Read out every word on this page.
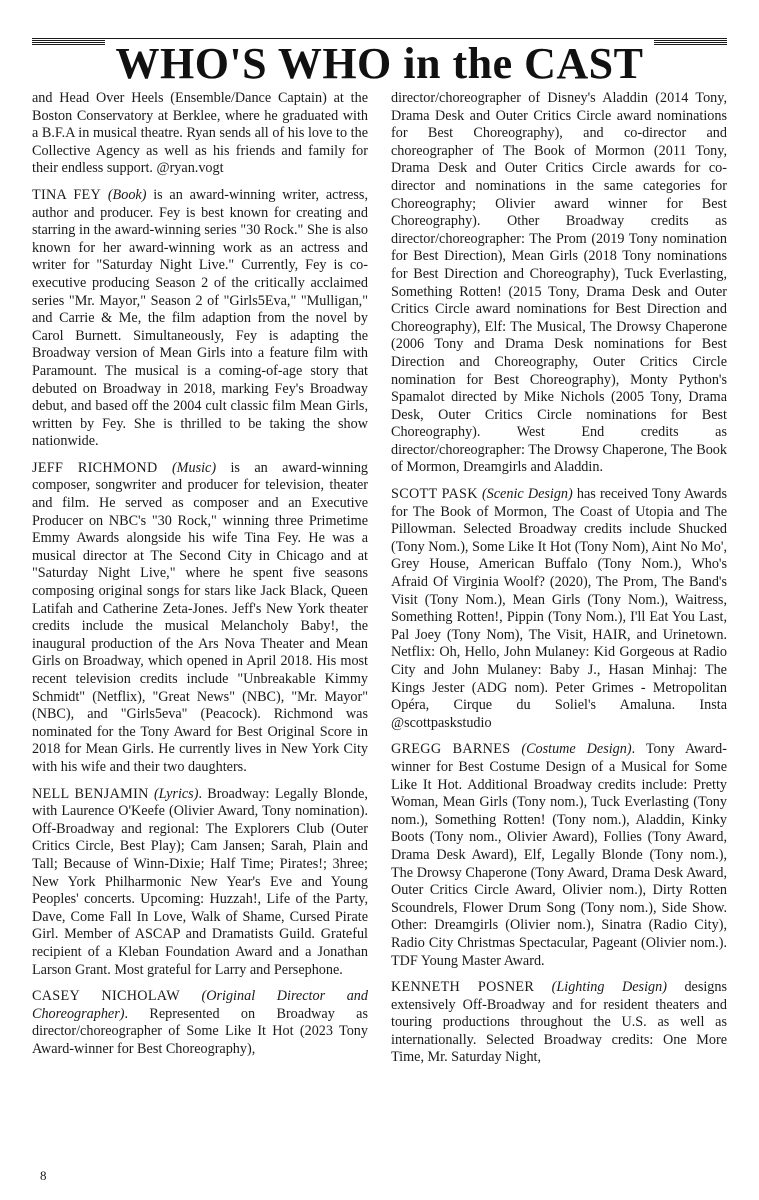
WHO'S WHO in the CAST

and Head Over Heels (Ensemble/Dance Captain) at the Boston Conservatory at Berklee, where he graduated with a B.F.A in musical theatre. Ryan sends all of his love to the Collective Agency as well as his friends and family for their endless support. @ryan.vogt

TINA FEY (Book) is an award-winning writer, actress, author and producer. Fey is best known for creating and starring in the award-winning series "30 Rock." She is also known for her award-winning work as an actress and writer for "Saturday Night Live." Currently, Fey is co-executive producing Season 2 of the critically acclaimed series "Mr. Mayor," Season 2 of "Girls5Eva," "Mulligan," and Carrie & Me, the film adaption from the novel by Carol Burnett. Simultaneously, Fey is adapting the Broadway version of Mean Girls into a feature film with Paramount. The musical is a coming-of-age story that debuted on Broadway in 2018, marking Fey's Broadway debut, and based off the 2004 cult classic film Mean Girls, written by Fey. She is thrilled to be taking the show nationwide.

JEFF RICHMOND (Music) is an award-winning composer, songwriter and producer for television, theater and film. He served as composer and an Executive Producer on NBC's "30 Rock," winning three Primetime Emmy Awards alongside his wife Tina Fey. He was a musical director at The Second City in Chicago and at "Saturday Night Live," where he spent five seasons composing original songs for stars like Jack Black, Queen Latifah and Catherine Zeta-Jones. Jeff's New York theater credits include the musical Melancholy Baby!, the inaugural production of the Ars Nova Theater and Mean Girls on Broadway, which opened in April 2018. His most recent television credits include "Unbreakable Kimmy Schmidt" (Netflix), "Great News" (NBC), "Mr. Mayor" (NBC), and "Girls5eva" (Peacock). Richmond was nominated for the Tony Award for Best Original Score in 2018 for Mean Girls. He currently lives in New York City with his wife and their two daughters.

NELL BENJAMIN (Lyrics). Broadway: Legally Blonde, with Laurence O'Keefe (Olivier Award, Tony nomination). Off-Broadway and regional: The Explorers Club (Outer Critics Circle, Best Play); Cam Jansen; Sarah, Plain and Tall; Because of Winn-Dixie; Half Time; Pirates!; 3hree; New York Philharmonic New Year's Eve and Young Peoples' concerts. Upcoming: Huzzah!, Life of the Party, Dave, Come Fall In Love, Walk of Shame, Cursed Pirate Girl. Member of ASCAP and Dramatists Guild. Grateful recipient of a Kleban Foundation Award and a Jonathan Larson Grant. Most grateful for Larry and Persephone.

CASEY NICHOLAW (Original Director and Choreographer). Represented on Broadway as director/choreographer of Some Like It Hot (2023 Tony Award-winner for Best Choreography),

director/choreographer of Disney's Aladdin (2014 Tony, Drama Desk and Outer Critics Circle award nominations for Best Choreography), and co-director and choreographer of The Book of Mormon (2011 Tony, Drama Desk and Outer Critics Circle awards for co-director and nominations in the same categories for Choreography; Olivier award winner for Best Choreography). Other Broadway credits as director/choreographer: The Prom (2019 Tony nomination for Best Direction), Mean Girls (2018 Tony nominations for Best Direction and Choreography), Tuck Everlasting, Something Rotten! (2015 Tony, Drama Desk and Outer Critics Circle award nominations for Best Direction and Choreography), Elf: The Musical, The Drowsy Chaperone (2006 Tony and Drama Desk nominations for Best Direction and Choreography, Outer Critics Circle nomination for Best Choreography), Monty Python's Spamalot directed by Mike Nichols (2005 Tony, Drama Desk, Outer Critics Circle nominations for Best Choreography). West End credits as director/choreographer: The Drowsy Chaperone, The Book of Mormon, Dreamgirls and Aladdin.

SCOTT PASK (Scenic Design) has received Tony Awards for The Book of Mormon, The Coast of Utopia and The Pillowman. Selected Broadway credits include Shucked (Tony Nom.), Some Like It Hot (Tony Nom), Aint No Mo', Grey House, American Buffalo (Tony Nom.), Who's Afraid Of Virginia Woolf? (2020), The Prom, The Band's Visit (Tony Nom.), Mean Girls (Tony Nom.), Waitress, Something Rotten!, Pippin (Tony Nom.), I'll Eat You Last, Pal Joey (Tony Nom), The Visit, HAIR, and Urinetown. Netflix: Oh, Hello, John Mulaney: Kid Gorgeous at Radio City and John Mulaney: Baby J., Hasan Minhaj: The Kings Jester (ADG nom). Peter Grimes - Metropolitan Opéra, Cirque du Soliel's Amaluna. Insta @scottpaskstudio

GREGG BARNES (Costume Design). Tony Award-winner for Best Costume Design of a Musical for Some Like It Hot. Additional Broadway credits include: Pretty Woman, Mean Girls (Tony nom.), Tuck Everlasting (Tony nom.), Something Rotten! (Tony nom.), Aladdin, Kinky Boots (Tony nom., Olivier Award), Follies (Tony Award, Drama Desk Award), Elf, Legally Blonde (Tony nom.), The Drowsy Chaperone (Tony Award, Drama Desk Award, Outer Critics Circle Award, Olivier nom.), Dirty Rotten Scoundrels, Flower Drum Song (Tony nom.), Side Show. Other: Dreamgirls (Olivier nom.), Sinatra (Radio City), Radio City Christmas Spectacular, Pageant (Olivier nom.). TDF Young Master Award.

KENNETH POSNER (Lighting Design) designs extensively Off-Broadway and for resident theaters and touring productions throughout the U.S. as well as internationally. Selected Broadway credits: One More Time, Mr. Saturday Night,

8
